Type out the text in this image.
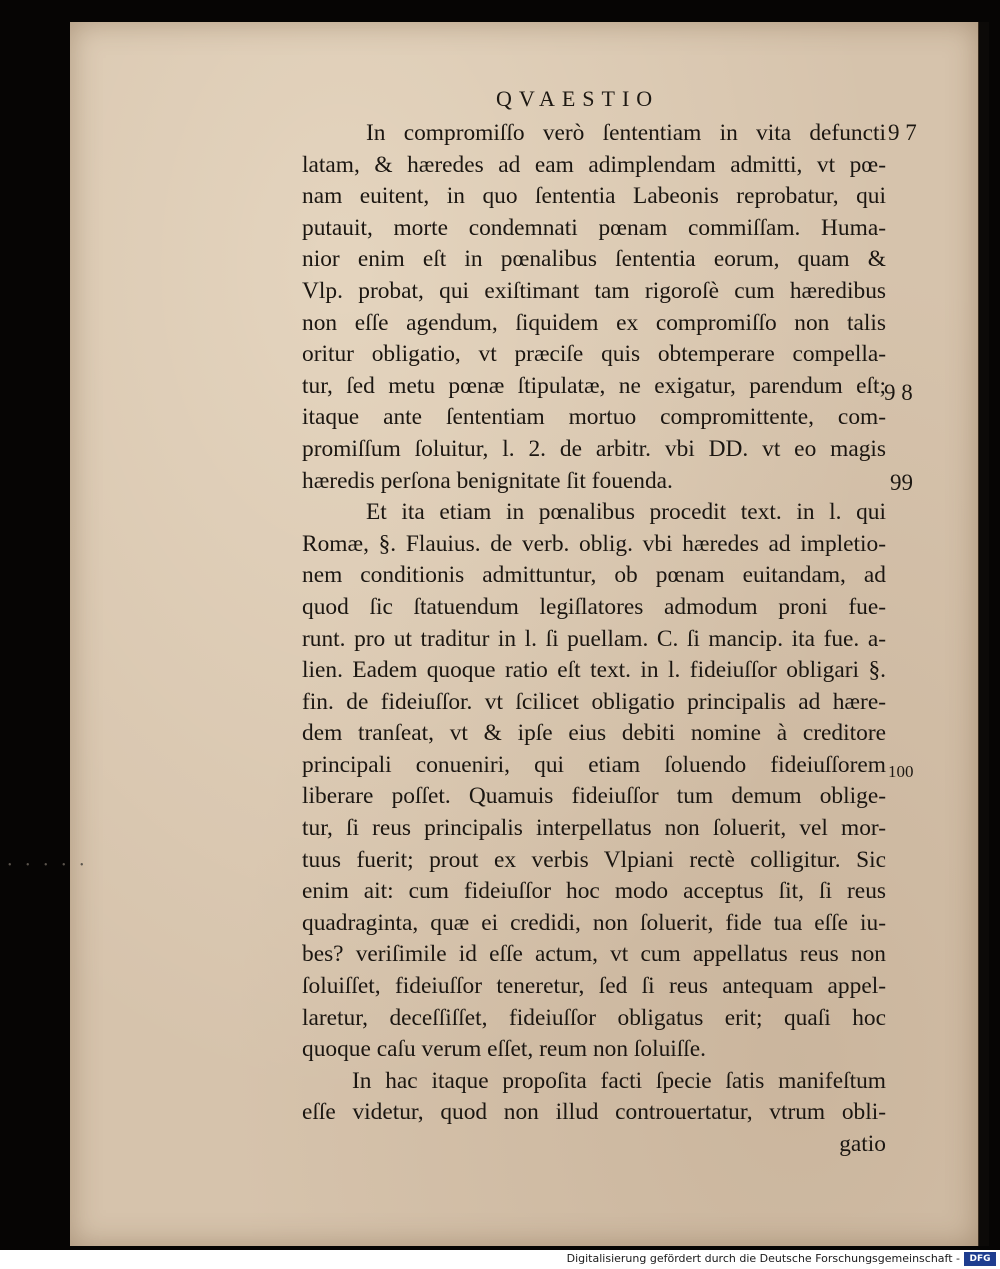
• • • • •
QVAESTIO
9 7
9 8
99
100
In compromiſſo verò ſententiam in vita defuncti
latam, & hæredes ad eam adimplendam admitti, vt pœ-
nam euitent, in quo ſententia Labeonis reprobatur, qui
putauit, morte condemnati pœnam commiſſam. Huma-
nior enim eſt in pœnalibus ſententia eorum, quam &
Vlp. probat, qui exiſtimant tam rigoroſè cum hæredibus
non eſſe agendum, ſiquidem ex compromiſſo non talis
oritur obligatio, vt præciſe quis obtemperare compella-
tur, ſed metu pœnæ ſtipulatæ, ne exigatur, parendum eſt;
itaque ante ſententiam mortuo compromittente, com-
promiſſum ſoluitur, l. 2. de arbitr. vbi DD. vt eo magis
hæredis perſona benignitate ſit fouenda.
Et ita etiam in pœnalibus procedit text. in l. qui
Romæ, §. Flauius. de verb. oblig. vbi hæredes ad impletio-
nem conditionis admittuntur, ob pœnam euitandam, ad
quod ſic ſtatuendum legiſlatores admodum proni fue-
runt. pro ut traditur in l. ſi puellam. C. ſi mancip. ita fue. a-
lien. Eadem quoque ratio eſt text. in l. fideiuſſor obligari §.
fin. de fideiuſſor. vt ſcilicet obligatio principalis ad hære-
dem tranſeat, vt & ipſe eius debiti nomine à creditore
principali conueniri, qui etiam ſoluendo fideiuſſorem
liberare poſſet. Quamuis fideiuſſor tum demum oblige-
tur, ſi reus principalis interpellatus non ſoluerit, vel mor-
tuus fuerit; prout ex verbis Vlpiani rectè colligitur. Sic
enim ait: cum fideiuſſor hoc modo acceptus ſit, ſi reus
quadraginta, quæ ei credidi, non ſoluerit, fide tua eſſe iu-
bes? veriſimile id eſſe actum, vt cum appellatus reus non
ſoluiſſet, fideiuſſor teneretur, ſed ſi reus antequam appel-
laretur, deceſſiſſet, fideiuſſor obligatus erit; quaſi hoc
quoque caſu verum eſſet, reum non ſoluiſſe.
In hac itaque propoſita facti ſpecie ſatis manifeſtum
eſſe videtur, quod non illud controuertatur, vtrum obli-
gatio
Digitalisierung gefördert durch die Deutsche Forschungsgemeinschaft -	DFG
